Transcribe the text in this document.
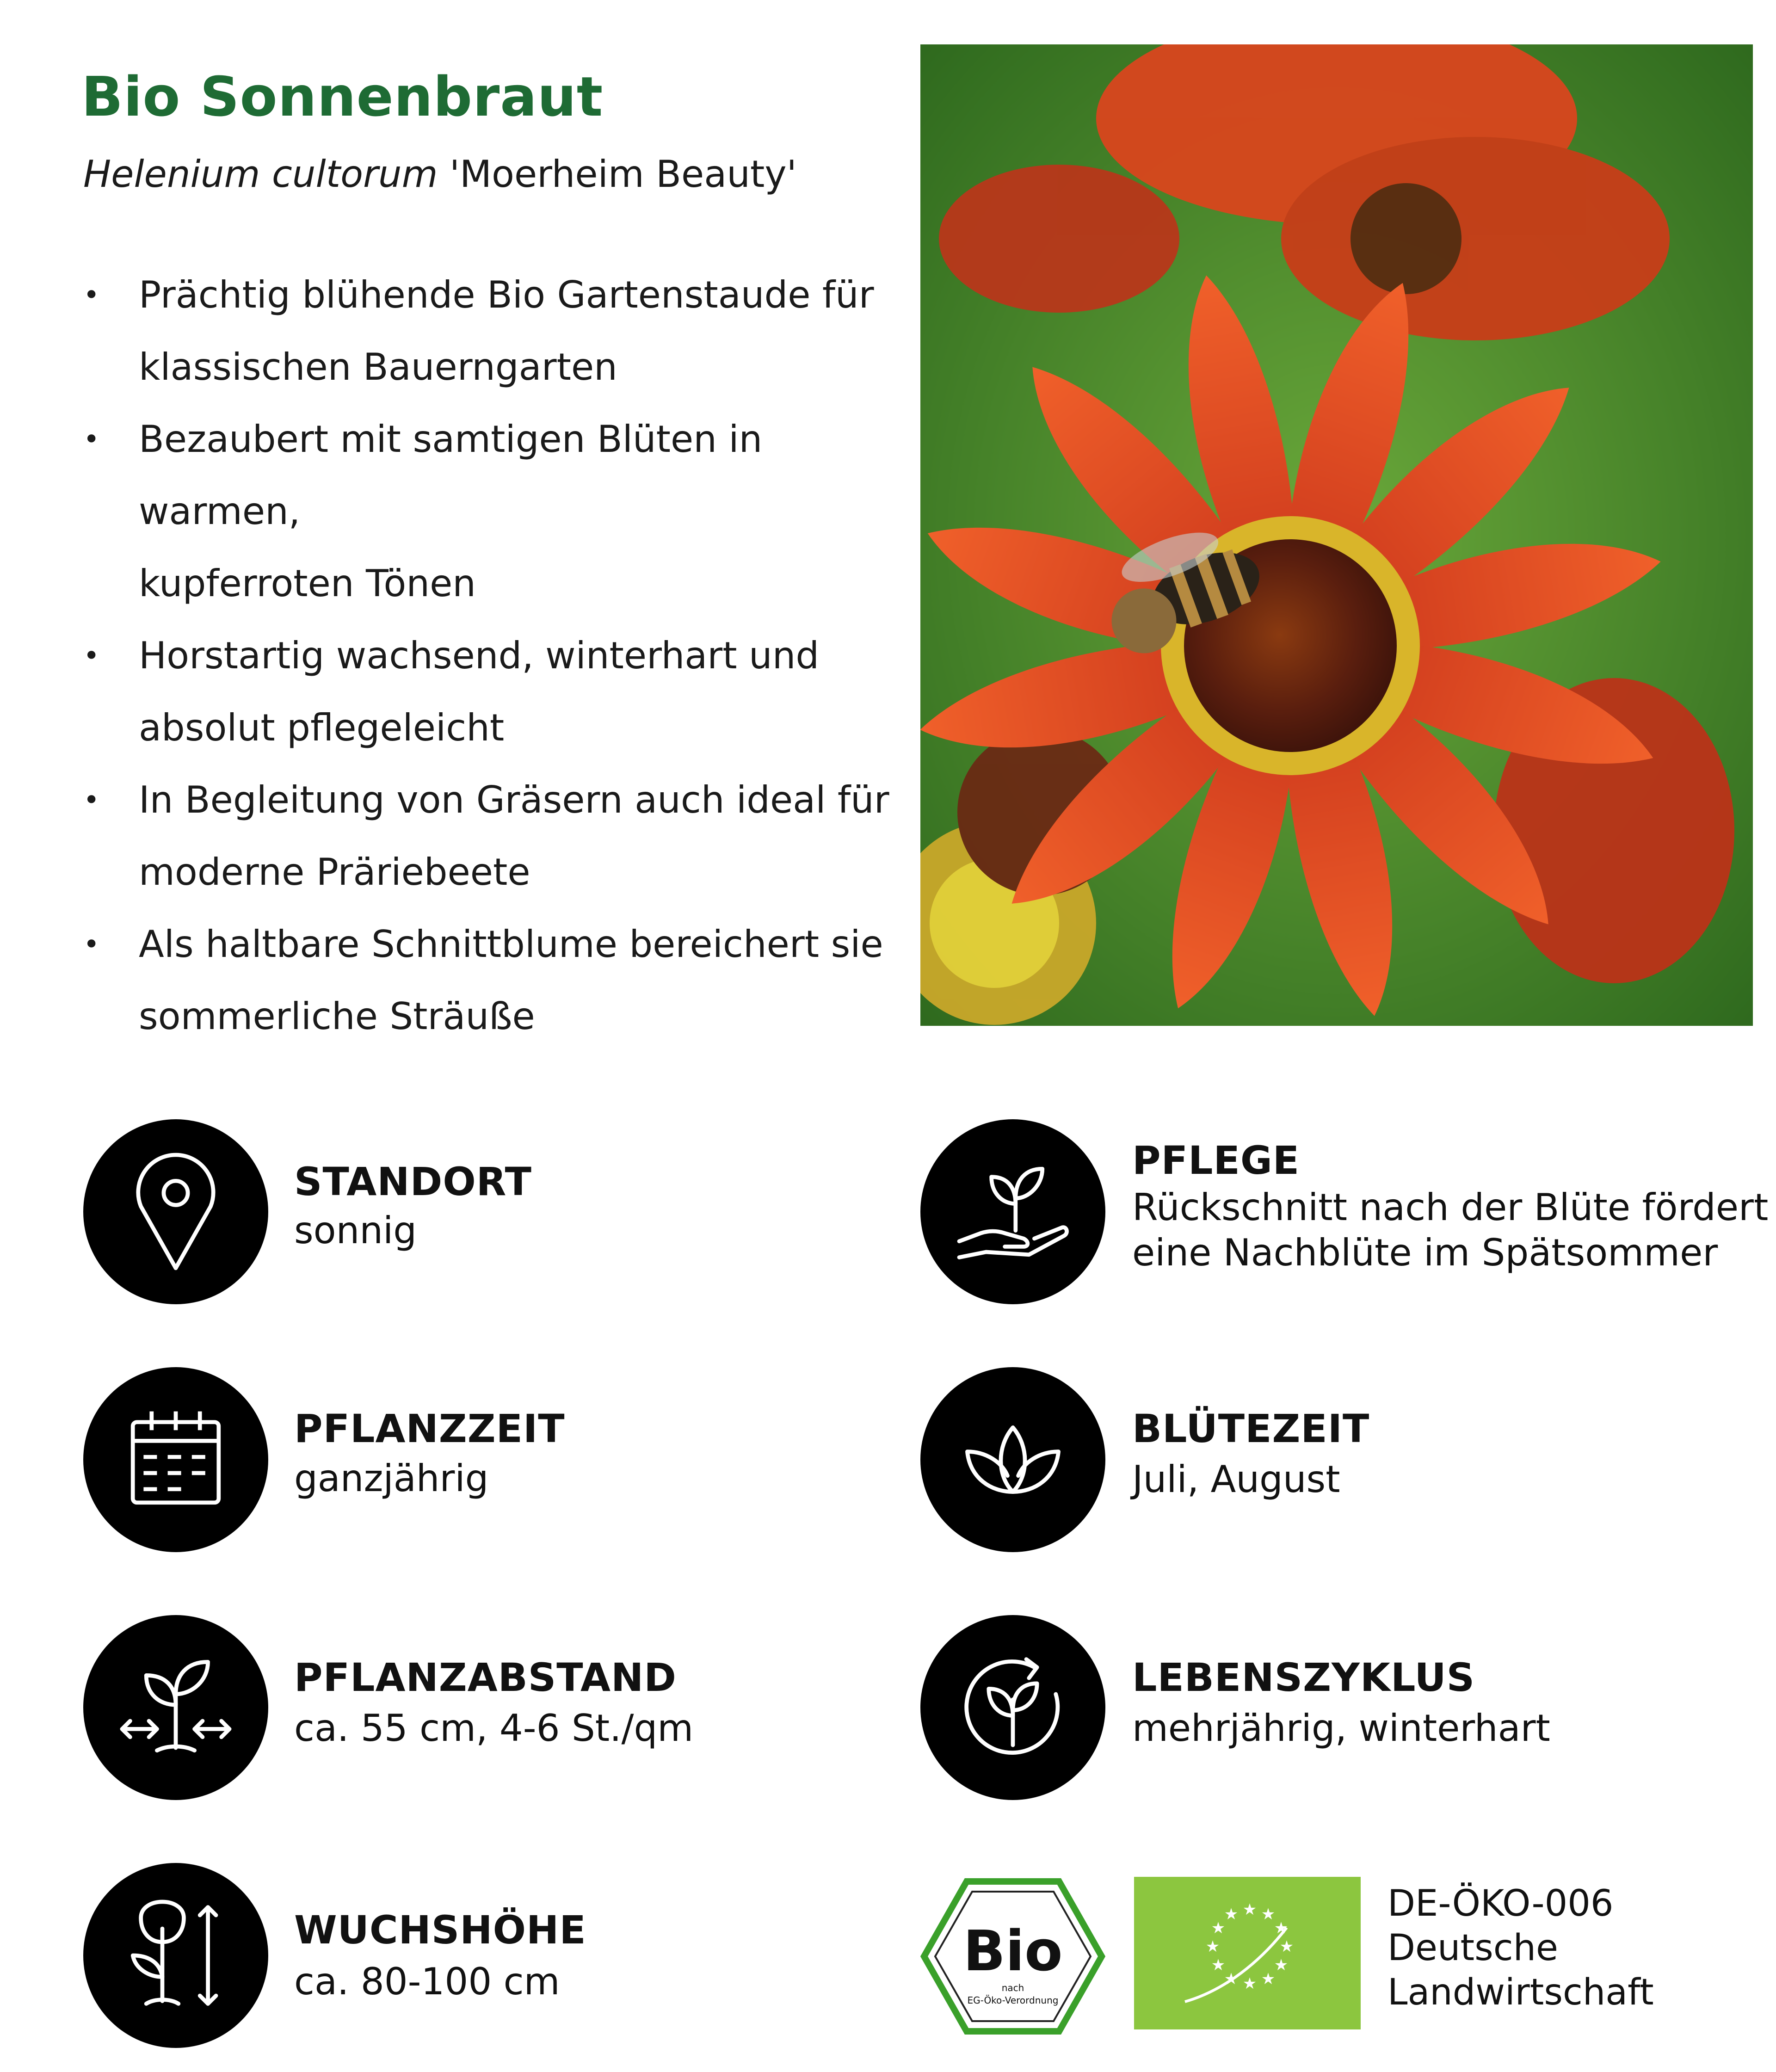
Bio Sonnenbraut
Helenium cultorum 'Moerheim Beauty'
• Prächtig blühende Bio Gartenstaude für
klassischen Bauerngarten
• Bezaubert mit samtigen Blüten in warmen,
kupferroten Tönen
• Horstartig wachsend, winterhart und
absolut pflegeleicht
• In Begleitung von Gräsern auch ideal für
moderne Präriebeete
• Als haltbare Schnittblume bereichert sie
sommerliche Sträuße
STANDORT
sonnig
PFLANZZEIT
ganzjährig
PFLANZABSTAND
ca. 55 cm, 4-6 St./qm
WUCHSHÖHE
ca. 80-100 cm
PFLEGE
Rückschnitt nach der Blüte fördert
eine Nachblüte im Spätsommer
BLÜTEZEIT
Juli, August
LEBENSZYKLUS
mehrjährig, winterhart
Bio
nach
EG-Öko-Verordnung
★ ★ ★
★
★
★
★
★
★
★
★
★
DE-ÖKO-006
Deutsche
Landwirtschaft
